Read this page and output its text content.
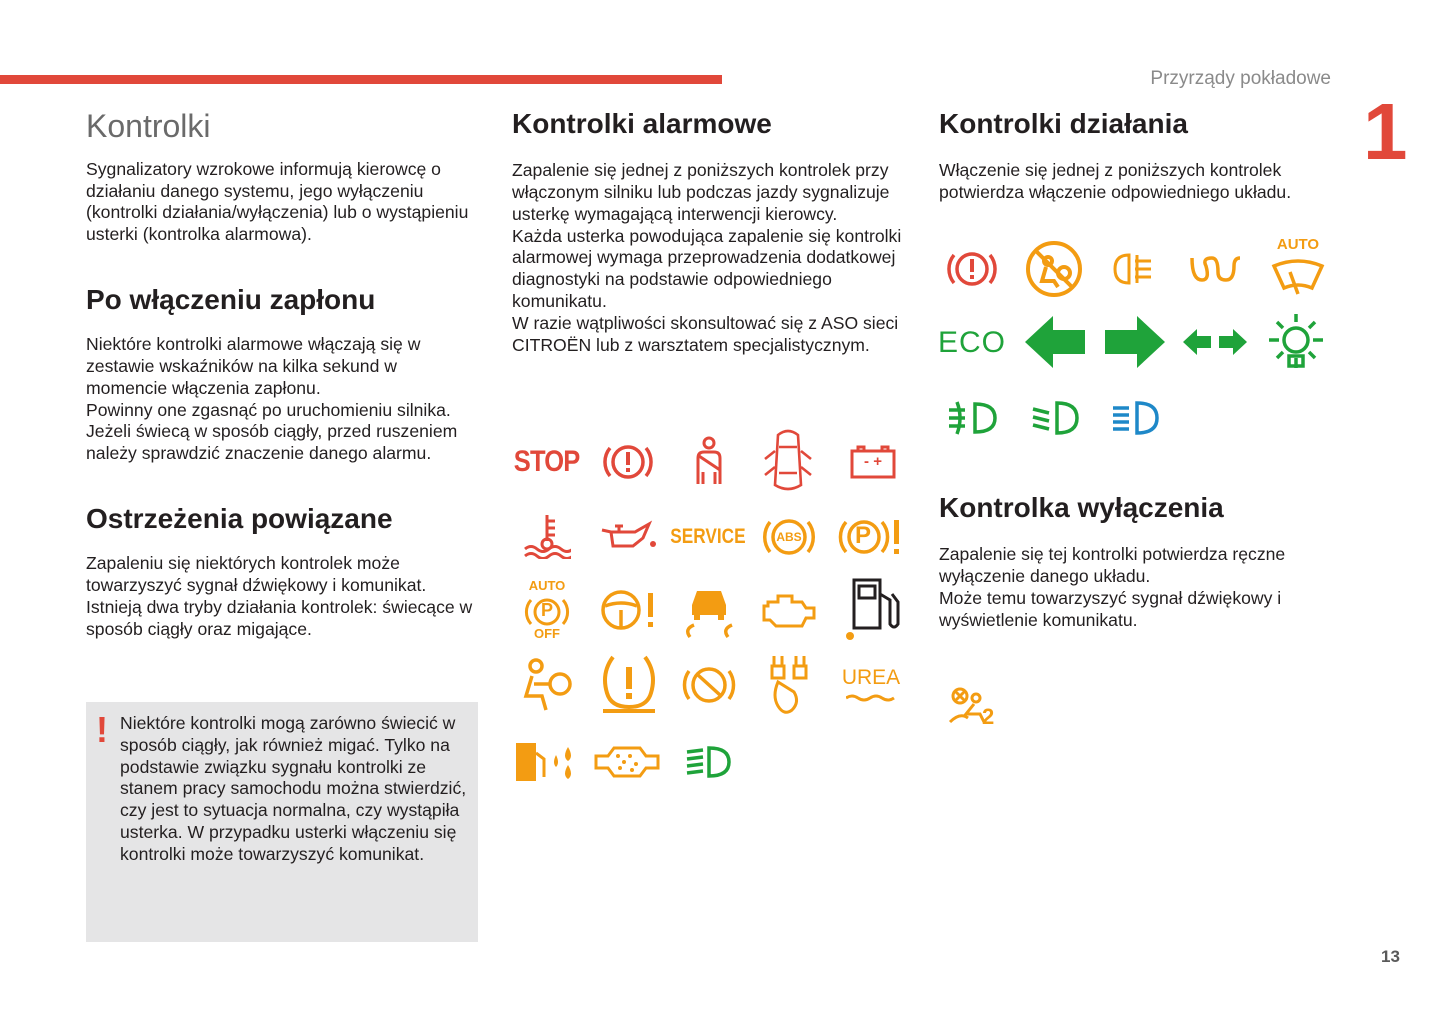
Przyrządy pokładowe
1
13
Kontrolki

Sygnalizatory wzrokowe informują kierowcę o działaniu danego systemu, jego wyłączeniu (kontrolki działania/wyłączenia) lub o wystąpieniu usterki (kontrolka alarmowa).

Po włączeniu zapłonu

Niektóre kontrolki alarmowe włączają się w zestawie wskaźników na kilka sekund w momencie włączenia zapłonu.

Powinny one zgasnąć po uruchomieniu silnika. Jeżeli świecą w sposób ciągły, przed ruszeniem należy sprawdzić znaczenie danego alarmu.

Ostrzeżenia powiązane

Zapaleniu się niektórych kontrolek może towarzyszyć sygnał dźwiękowy i komunikat. Istnieją dwa tryby działania kontrolek: świecące w sposób ciągły oraz migające.

! Niektóre kontrolki mogą zarówno świecić w sposób ciągły, jak również migać. Tylko na podstawie związku sygnału kontrolki ze stanem pracy samochodu można stwierdzić, czy jest to sytuacja normalna, czy wystąpiła usterka. W przypadku usterki włączeniu się kontrolki może towarzyszyć komunikat.

Kontrolki alarmowe

Zapalenie się jednej z poniższych kontrolek przy włączonym silniku lub podczas jazdy sygnalizuje usterkę wymagającą interwencji kierowcy.

Każda usterka powodująca zapalenie się kontrolki alarmowej wymaga przeprowadzenia dodatkowej diagnostyki na podstawie odpowiedniego komunikatu.

W razie wątpliwości skonsultować się z ASO sieci CITROËN lub z warsztatem specjalistycznym.

STOP	- +
SERVICE	ABS P
AUTO
P
OFF
UREA
Kontrolki działania

Włączenie się jednej z poniższych kontrolek potwierdza włączenie odpowiedniego układu.

AUTO
ECO
Kontrolka wyłączenia

Zapalenie się tej kontrolki potwierdza ręczne wyłączenie danego układu.

Może temu towarzyszyć sygnał dźwiękowy i wyświetlenie komunikatu.

2
